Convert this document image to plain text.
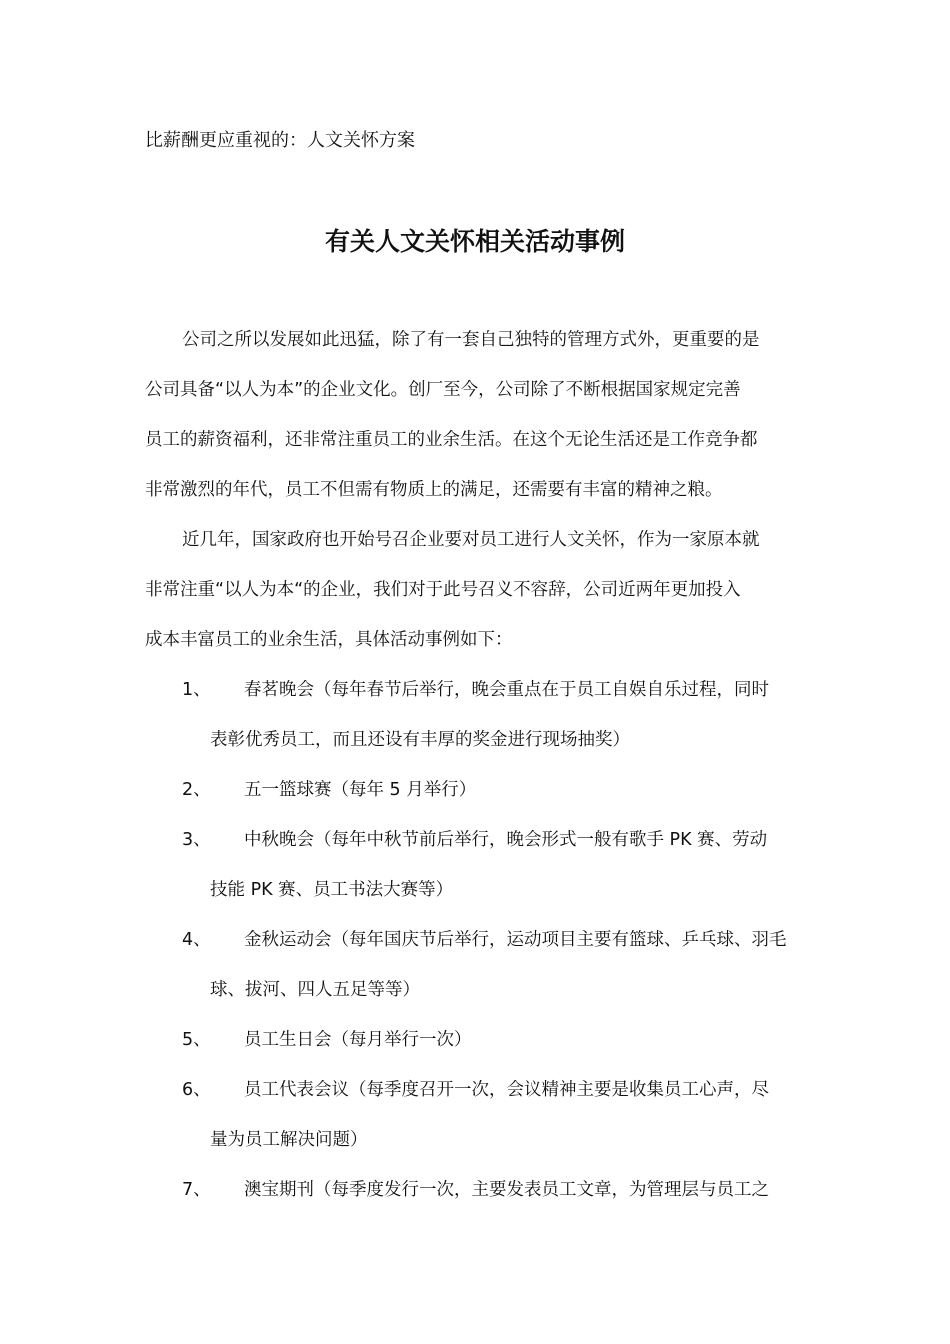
比薪酬更应重视的：人文关怀方案
有关人文关怀相关活动事例
公司之所以发展如此迅猛，除了有一套自己独特的管理方式外，更重要的是
公司具备“以人为本”的企业文化。创厂至今，公司除了不断根据国家规定完善
员工的薪资福利，还非常注重员工的业余生活。在这个无论生活还是工作竞争都
非常激烈的年代，员工不但需有物质上的满足，还需要有丰富的精神之粮。
近几年，国家政府也开始号召企业要对员工进行人文关怀，作为一家原本就
非常注重“以人为本“的企业，我们对于此号召义不容辞，公司近两年更加投入
成本丰富员工的业余生活，具体活动事例如下：
1、 春茗晚会（每年春节后举行，晚会重点在于员工自娱自乐过程，同时
表彰优秀员工，而且还设有丰厚的奖金进行现场抽奖）
2、 五一篮球赛（每年 5 月举行）
3、 中秋晚会（每年中秋节前后举行，晚会形式一般有歌手 PK 赛、劳动
技能 PK 赛、员工书法大赛等）
4、 金秋运动会（每年国庆节后举行，运动项目主要有篮球、乒乓球、羽毛
球、拔河、四人五足等等）
5、 员工生日会（每月举行一次）
6、 员工代表会议（每季度召开一次，会议精神主要是收集员工心声，尽
量为员工解决问题）
7、 澳宝期刊（每季度发行一次，主要发表员工文章，为管理层与员工之
